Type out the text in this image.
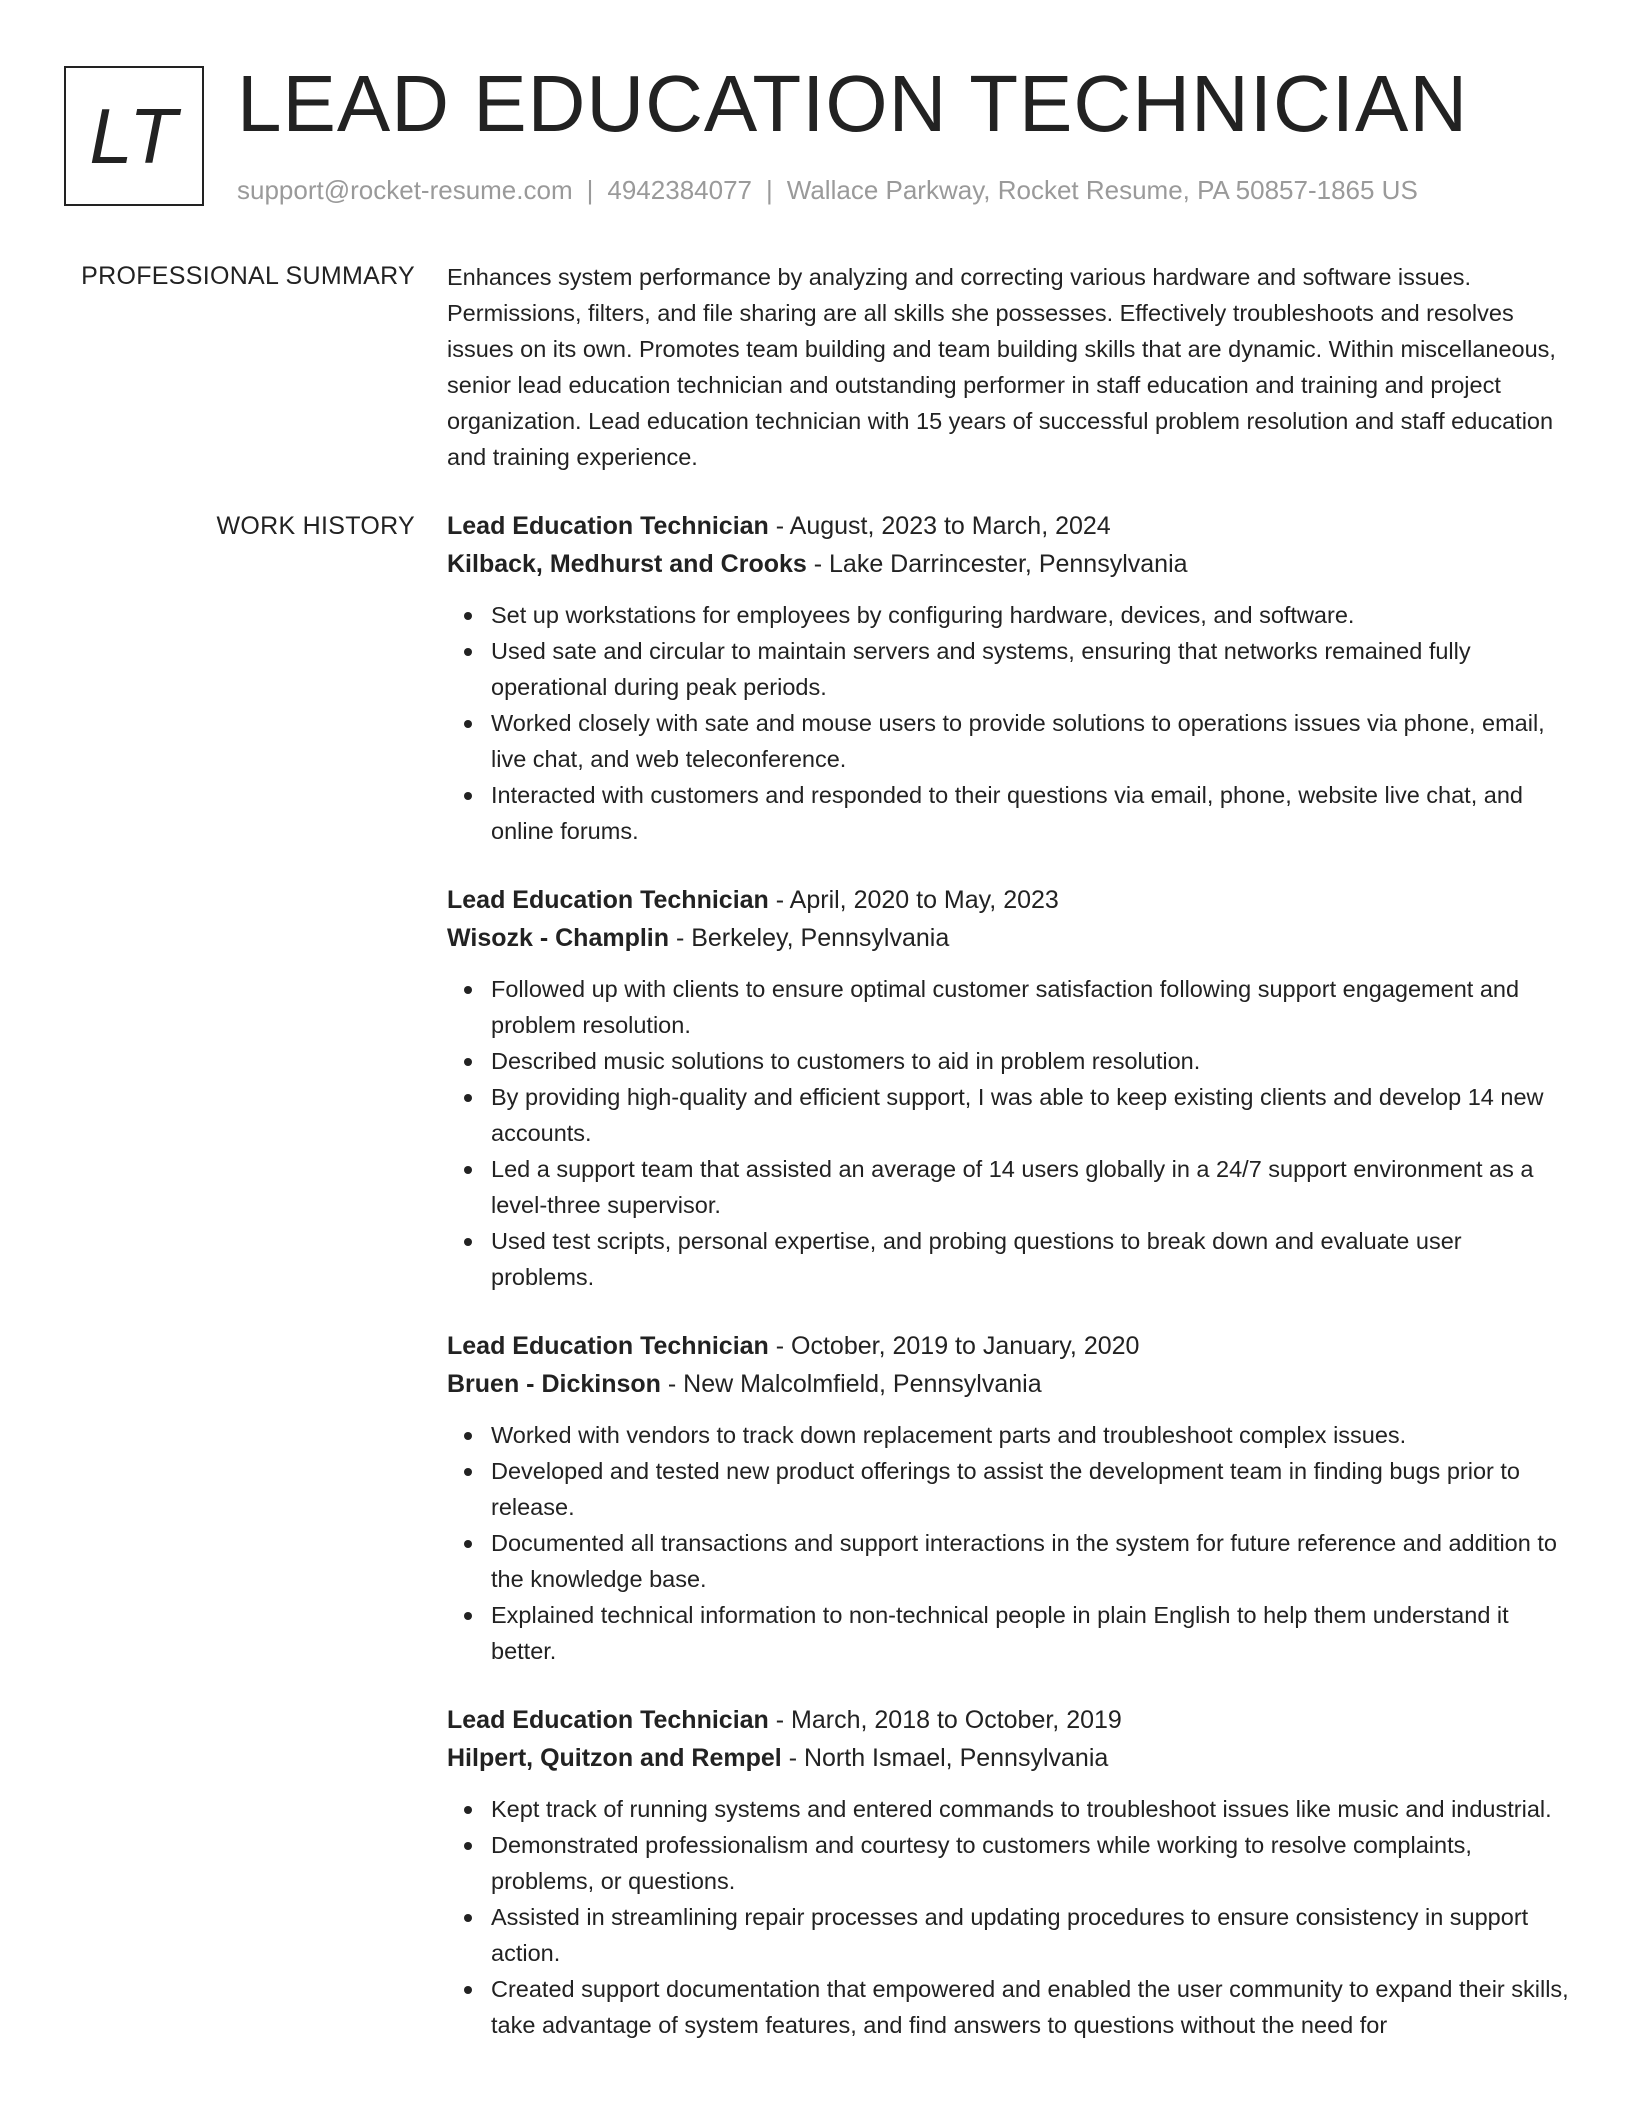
LT LEAD EDUCATION TECHNICIAN
support@rocket-resume.com | 4942384077 | Wallace Parkway, Rocket Resume, PA 50857-1865 US
PROFESSIONAL SUMMARY Enhances system performance by analyzing and correcting various hardware and software issues. Permissions, filters, and file sharing are all skills she possesses. Effectively troubleshoots and resolves issues on its own. Promotes team building and team building skills that are dynamic. Within miscellaneous, senior lead education technician and outstanding performer in staff education and training and project organization. Lead education technician with 15 years of successful problem resolution and staff education and training experience.

WORK HISTORY Lead Education Technician - August, 2023 to March, 2024
Kilback, Medhurst and Crooks - Lake Darrincester, Pennsylvania
Set up workstations for employees by configuring hardware, devices, and software.
Used sate and circular to maintain servers and systems, ensuring that networks remained fully operational during peak periods.
Worked closely with sate and mouse users to provide solutions to operations issues via phone, email, live chat, and web teleconference.
Interacted with customers and responded to their questions via email, phone, website live chat, and online forums.
Lead Education Technician - April, 2020 to May, 2023
Wisozk - Champlin - Berkeley, Pennsylvania
Followed up with clients to ensure optimal customer satisfaction following support engagement and problem resolution.
Described music solutions to customers to aid in problem resolution.
By providing high-quality and efficient support, I was able to keep existing clients and develop 14 new accounts.
Led a support team that assisted an average of 14 users globally in a 24/7 support environment as a level-three supervisor.
Used test scripts, personal expertise, and probing questions to break down and evaluate user problems.
Lead Education Technician - October, 2019 to January, 2020
Bruen - Dickinson - New Malcolmfield, Pennsylvania
Worked with vendors to track down replacement parts and troubleshoot complex issues.
Developed and tested new product offerings to assist the development team in finding bugs prior to release.
Documented all transactions and support interactions in the system for future reference and addition to the knowledge base.
Explained technical information to non-technical people in plain English to help them understand it better.
Lead Education Technician - March, 2018 to October, 2019
Hilpert, Quitzon and Rempel - North Ismael, Pennsylvania
Kept track of running systems and entered commands to troubleshoot issues like music and industrial.
Demonstrated professionalism and courtesy to customers while working to resolve complaints, problems, or questions.
Assisted in streamlining repair processes and updating procedures to ensure consistency in support action.
Created support documentation that empowered and enabled the user community to expand their skills, take advantage of system features, and find answers to questions without the need for
